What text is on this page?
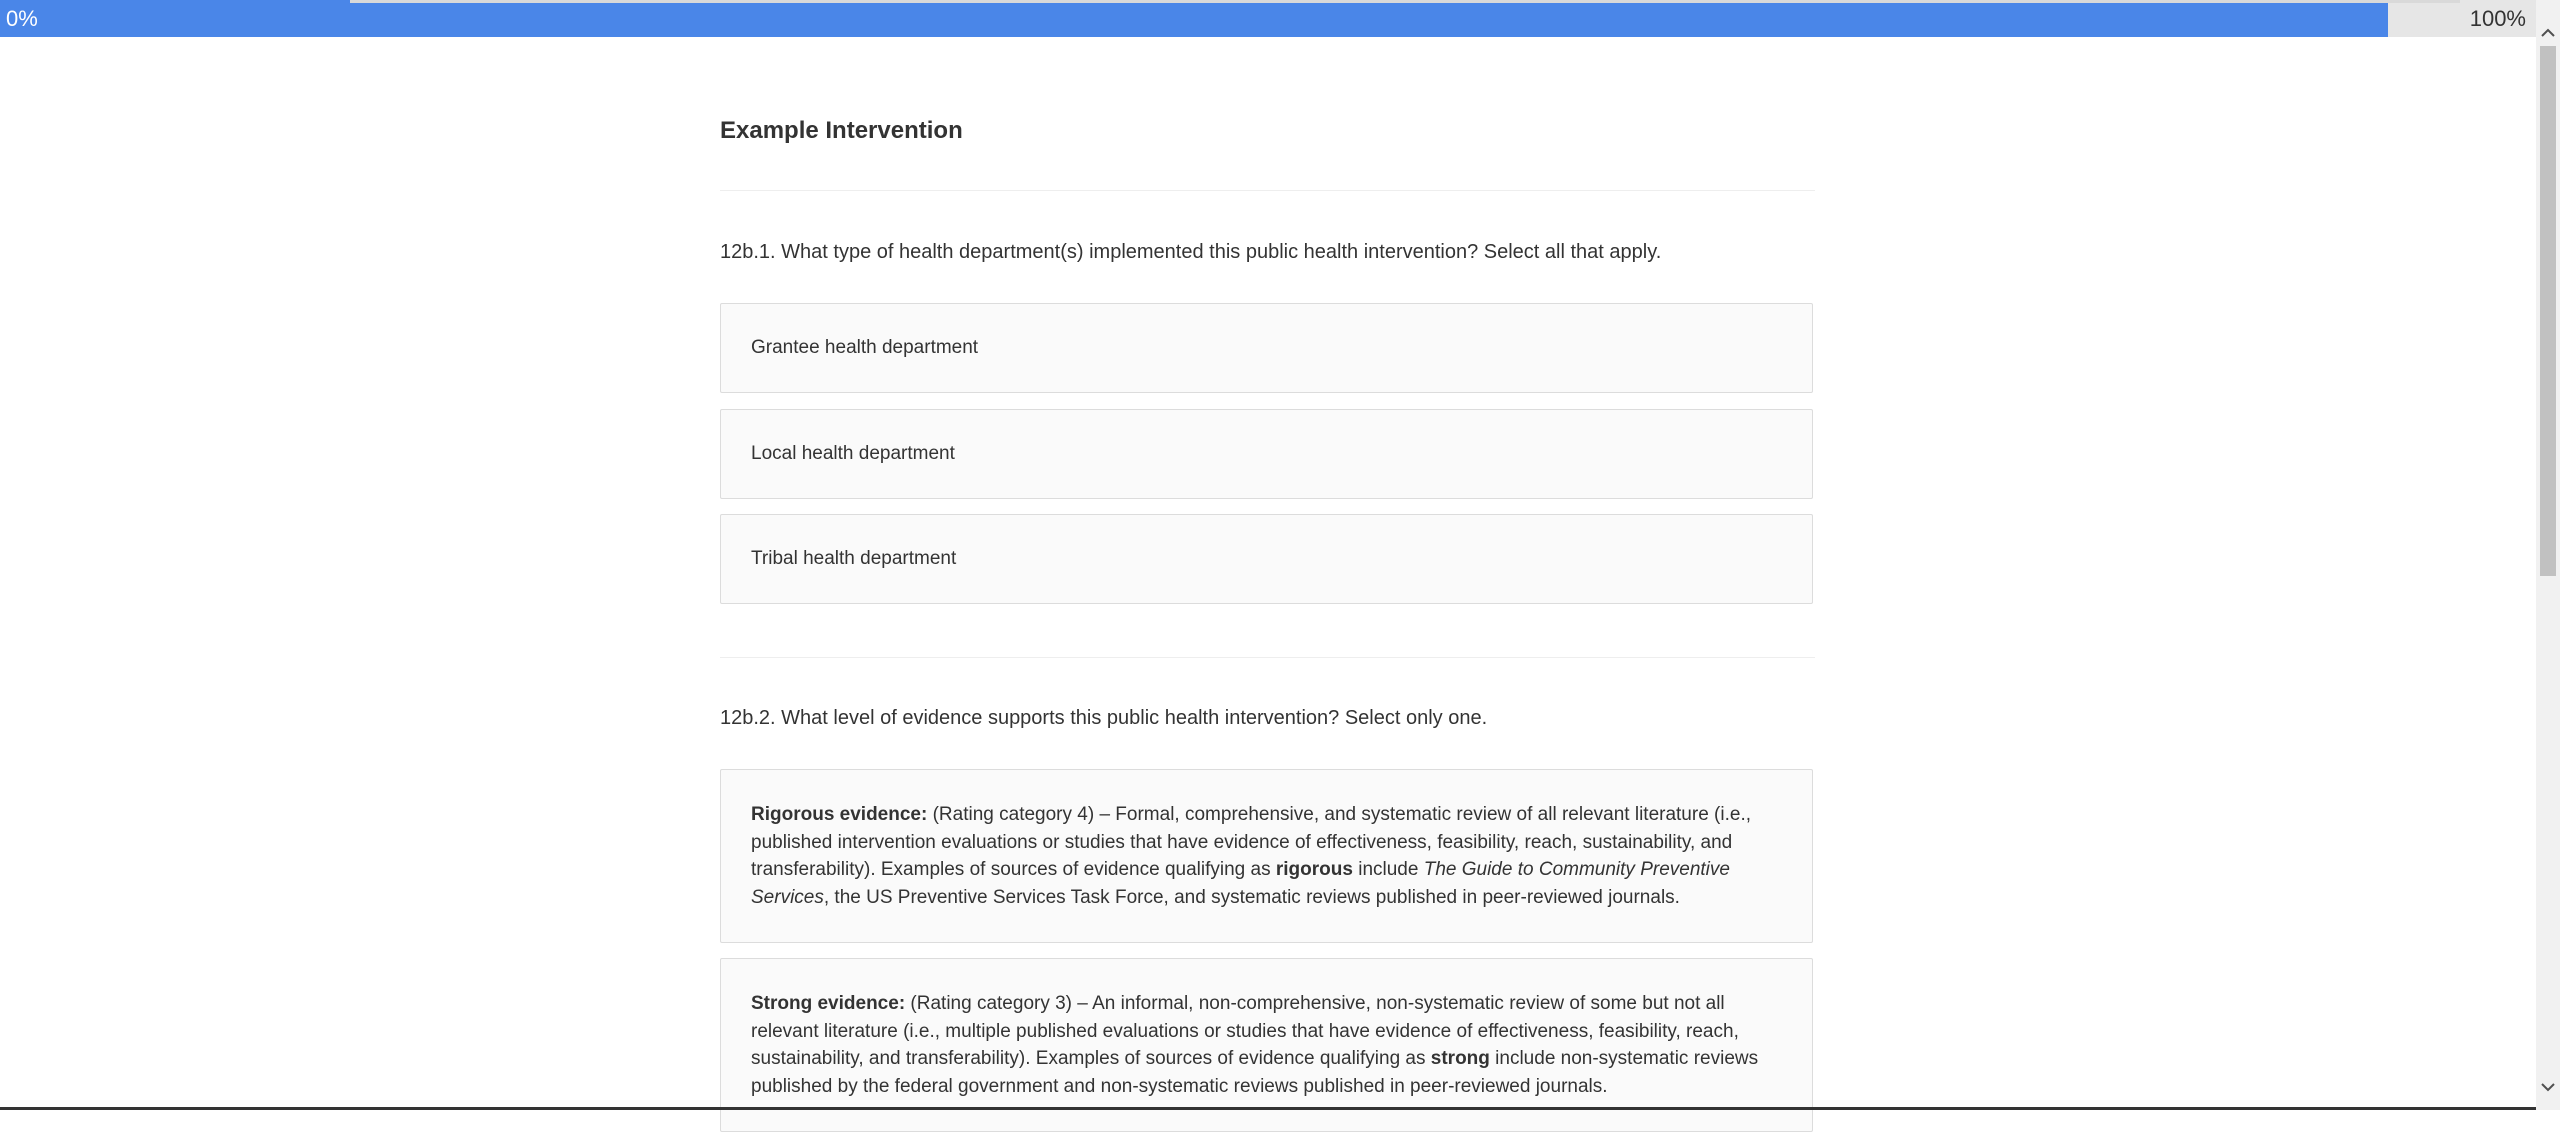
0%	100%
Example Intervention
12b.1. What type of health department(s) implemented this public health intervention? Select all that apply.
Grantee health department
Local health department
Tribal health department
12b.2. What level of evidence supports this public health intervention? Select only one.
Rigorous evidence: (Rating category 4) – Formal, comprehensive, and systematic review of all relevant literature (i.e., published intervention evaluations or studies that have evidence of effectiveness, feasibility, reach, sustainability, and transferability). Examples of sources of evidence qualifying as rigorous include The Guide to Community Preventive Services, the US Preventive Services Task Force, and systematic reviews published in peer-reviewed journals.
Strong evidence: (Rating category 3) – An informal, non-comprehensive, non-systematic review of some but not all relevant literature (i.e., multiple published evaluations or studies that have evidence of effectiveness, feasibility, reach, sustainability, and transferability). Examples of sources of evidence qualifying as strong include non-systematic reviews published by the federal government and non-systematic reviews published in peer-reviewed journals.
